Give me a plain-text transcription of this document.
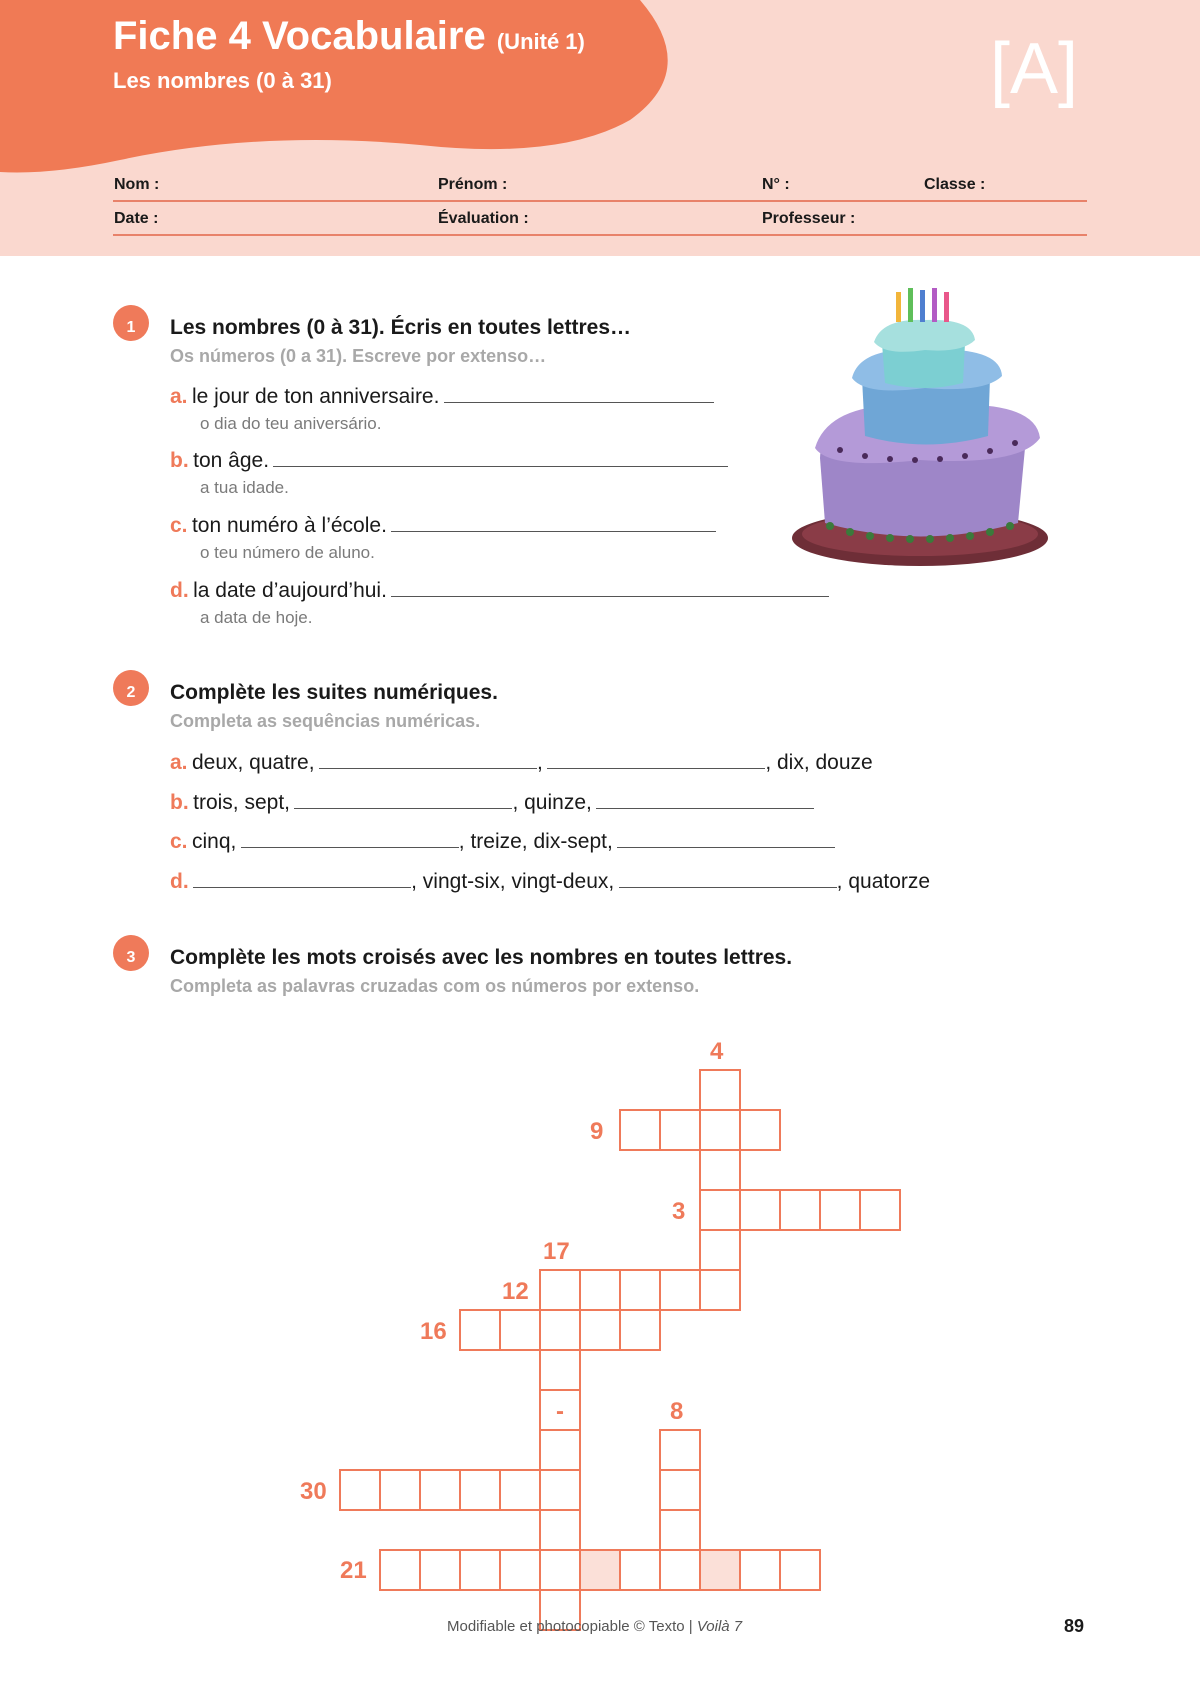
Fiche 4 Vocabulaire (Unité 1)
Les nombres (0 à 31)	[A]
Nom :	Prénom :	N° :	Classe :
Date :	Évaluation :	Professeur :
1	Les nombres (0 à 31). Écris en toutes lettres…
Os números (0 a 31). Escreve por extenso…
a. le jour de ton anniversaire.
o dia do teu aniversário.
b. ton âge.
a tua idade.
c. ton numéro à l’école.
o teu número de aluno.
d. la date d’aujourd’hui.
a data de hoje.
2	Complète les suites numériques.
Completa as sequências numéricas.
a. deux, quatre,	,	, dix, douze
b. trois, sept,	, quinze,
c. cinq,	, treize, dix-sept,
d.	, vingt-six, vingt-deux,	, quatorze
3	Complète les mots croisés avec les nombres en toutes lettres.
Completa as palavras cruzadas com os números por extenso.
4
9
3
17
12
16
-	8
30
21
Modifiable et photocopiable © Texto | Voilà 7	89
